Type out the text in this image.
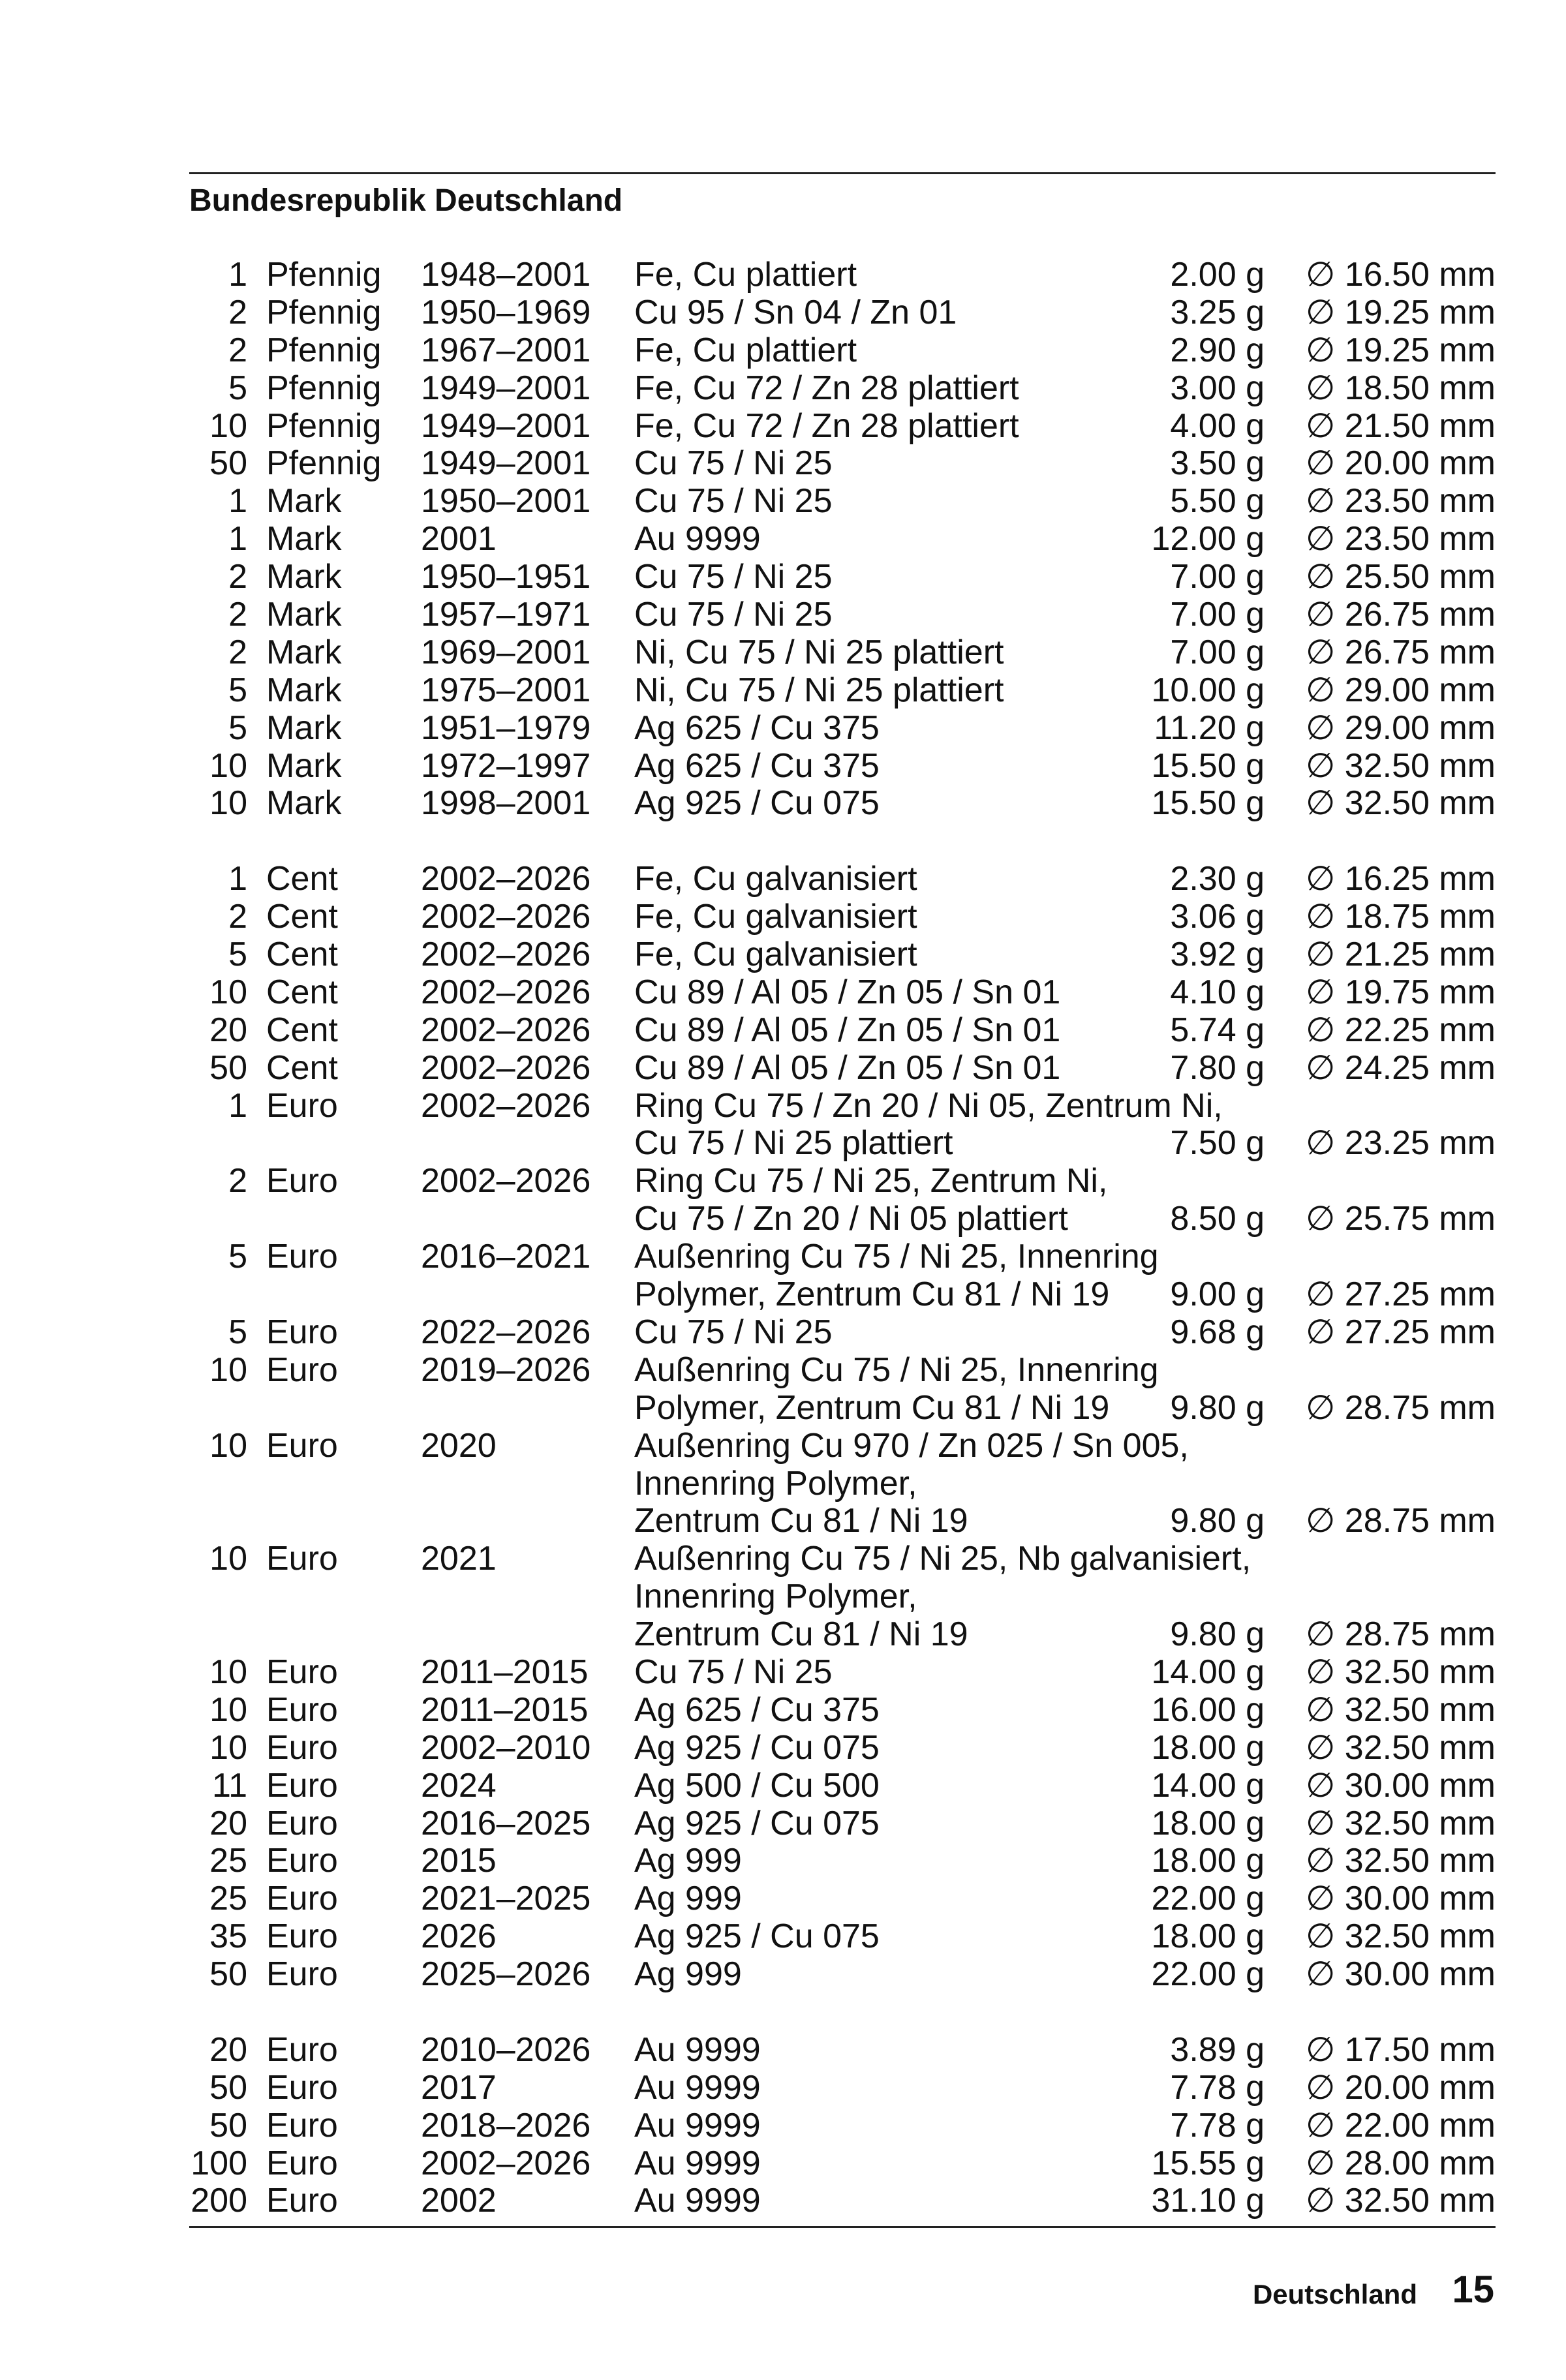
Bundesrepublik Deutschland
1 Pfennig 1948–2001 Fe, Cu plattiert	2.00 g ∅ 16.50 mm
2 Pfennig 1950–1969 Cu 95 / Sn 04 / Zn 01	3.25 g ∅ 19.25 mm
2 Pfennig 1967–2001 Fe, Cu plattiert	2.90 g ∅ 19.25 mm
5 Pfennig 1949–2001 Fe, Cu 72 / Zn 28 plattiert	3.00 g ∅ 18.50 mm
10 Pfennig 1949–2001 Fe, Cu 72 / Zn 28 plattiert	4.00 g ∅ 21.50 mm
50 Pfennig 1949–2001 Cu 75 / Ni 25	3.50 g ∅ 20.00 mm
1 Mark 1950–2001 Cu 75 / Ni 25	5.50 g ∅ 23.50 mm
1 Mark 2001	Au 9999	12.00 g ∅ 23.50 mm
2 Mark 1950–1951 Cu 75 / Ni 25	7.00 g ∅ 25.50 mm
2 Mark 1957–1971 Cu 75 / Ni 25	7.00 g ∅ 26.75 mm
2 Mark 1969–2001 Ni, Cu 75 / Ni 25 plattiert	7.00 g ∅ 26.75 mm
5 Mark 1975–2001 Ni, Cu 75 / Ni 25 plattiert	10.00 g ∅ 29.00 mm
5 Mark 1951–1979 Ag 625 / Cu 375	11.20 g ∅ 29.00 mm
10 Mark 1972–1997 Ag 625 / Cu 375	15.50 g ∅ 32.50 mm
10 Mark 1998–2001 Ag 925 / Cu 075	15.50 g ∅ 32.50 mm
1 Cent 2002–2026 Fe, Cu galvanisiert	2.30 g ∅ 16.25 mm
2 Cent 2002–2026 Fe, Cu galvanisiert	3.06 g ∅ 18.75 mm
5 Cent 2002–2026 Fe, Cu galvanisiert	3.92 g ∅ 21.25 mm
10 Cent 2002–2026 Cu 89 / Al 05 / Zn 05 / Sn 01	4.10 g ∅ 19.75 mm
20 Cent 2002–2026 Cu 89 / Al 05 / Zn 05 / Sn 01	5.74 g ∅ 22.25 mm
50 Cent 2002–2026 Cu 89 / Al 05 / Zn 05 / Sn 01	7.80 g ∅ 24.25 mm
1 Euro 2002–2026 Ring Cu 75 / Zn 20 / Ni 05, Zentrum Ni,
Cu 75 / Ni 25 plattiert	7.50 g ∅ 23.25 mm
2 Euro 2002–2026 Ring Cu 75 / Ni 25, Zentrum Ni,
Cu 75 / Zn 20 / Ni 05 plattiert	8.50 g ∅ 25.75 mm
5 Euro 2016–2021 Außenring Cu 75 / Ni 25, Innenring
Polymer, Zentrum Cu 81 / Ni 19 9.00 g ∅ 27.25 mm
5 Euro 2022–2026 Cu 75 / Ni 25	9.68 g ∅ 27.25 mm
10 Euro 2019–2026 Außenring Cu 75 / Ni 25, Innenring
Polymer, Zentrum Cu 81 / Ni 19 9.80 g ∅ 28.75 mm
10 Euro 2020	Außenring Cu 970 / Zn 025 / Sn 005,
Innenring Polymer,
Zentrum Cu 81 / Ni 19	9.80 g ∅ 28.75 mm
10 Euro 2021	Außenring Cu 75 / Ni 25, Nb galvanisiert,
Innenring Polymer,
Zentrum Cu 81 / Ni 19	9.80 g ∅ 28.75 mm
10 Euro 2011–2015 Cu 75 / Ni 25	14.00 g ∅ 32.50 mm
10 Euro 2011–2015 Ag 625 / Cu 375	16.00 g ∅ 32.50 mm
10 Euro 2002–2010 Ag 925 / Cu 075	18.00 g ∅ 32.50 mm
11 Euro 2024	Ag 500 / Cu 500	14.00 g ∅ 30.00 mm
20 Euro 2016–2025 Ag 925 / Cu 075	18.00 g ∅ 32.50 mm
25 Euro 2015	Ag 999	18.00 g ∅ 32.50 mm
25 Euro 2021–2025 Ag 999	22.00 g ∅ 30.00 mm
35 Euro 2026	Ag 925 / Cu 075	18.00 g ∅ 32.50 mm
50 Euro 2025–2026 Ag 999	22.00 g ∅ 30.00 mm
20 Euro 2010–2026 Au 9999	3.89 g ∅ 17.50 mm
50 Euro 2017	Au 9999	7.78 g ∅ 20.00 mm
50 Euro 2018–2026 Au 9999	7.78 g ∅ 22.00 mm
100 Euro 2002–2026 Au 9999	15.55 g ∅ 28.00 mm
200 Euro 2002	Au 9999	31.10 g ∅ 32.50 mm
Deutschland 15
